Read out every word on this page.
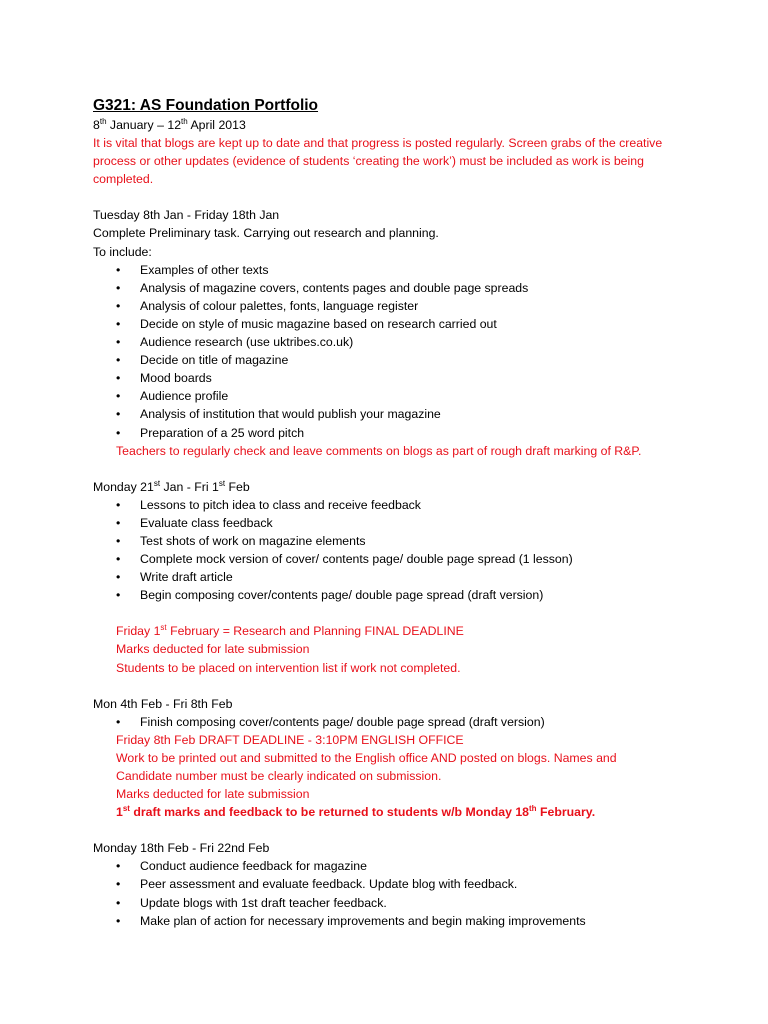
G321: AS Foundation Portfolio
8th January – 12th April 2013
It is vital that blogs are kept up to date and that progress is posted regularly. Screen grabs of the creative process or other updates (evidence of students ‘creating the work’) must be included as work is being completed.
Tuesday 8th Jan - Friday 18th Jan
Complete Preliminary task. Carrying out research and planning.
To include:
• Examples of other texts
• Analysis of magazine covers, contents pages and double page spreads
• Analysis of colour palettes, fonts, language register
• Decide on style of music magazine based on research carried out
• Audience research (use uktribes.co.uk)
• Decide on title of magazine
• Mood boards
• Audience profile
• Analysis of institution that would publish your magazine
• Preparation of a 25 word pitch
Teachers to regularly check and leave comments on blogs as part of rough draft marking of R&P.
Monday 21st Jan - Fri 1st Feb
• Lessons to pitch idea to class and receive feedback
• Evaluate class feedback
• Test shots of work on magazine elements
• Complete mock version of cover/ contents page/ double page spread (1 lesson)
• Write draft article
• Begin composing cover/contents page/ double page spread (draft version)
Friday 1st February = Research and Planning FINAL DEADLINE
Marks deducted for late submission
Students to be placed on intervention list if work not completed.
Mon 4th Feb - Fri 8th Feb
• Finish composing cover/contents page/ double page spread (draft version)
Friday 8th Feb DRAFT DEADLINE - 3:10PM ENGLISH OFFICE
Work to be printed out and submitted to the English office AND posted on blogs. Names and
Candidate number must be clearly indicated on submission.
Marks deducted for late submission
1st draft marks and feedback to be returned to students w/b Monday 18th February.
Monday 18th Feb - Fri 22nd Feb
• Conduct audience feedback for magazine
• Peer assessment and evaluate feedback. Update blog with feedback.
• Update blogs with 1st draft teacher feedback.
• Make plan of action for necessary improvements and begin making improvements
